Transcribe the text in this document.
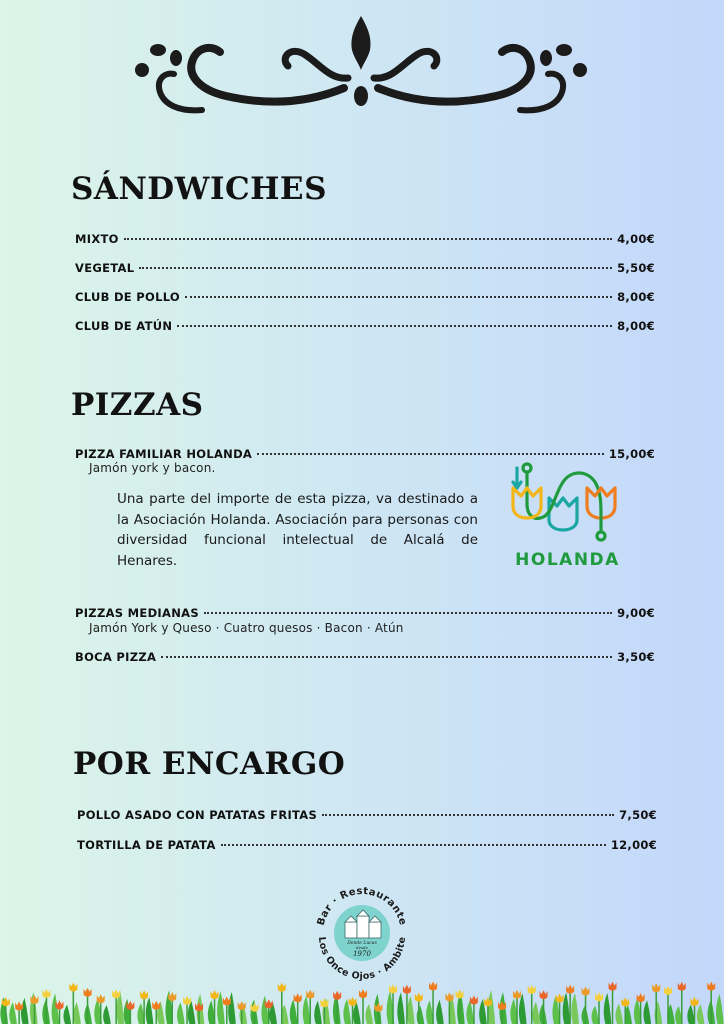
SÁNDWICHES
MIXTO	4,00€
VEGETAL	5,50€
CLUB DE POLLO	8,00€
CLUB DE ATÚN	8,00€
PIZZAS
PIZZA FAMILIAR HOLANDA	15,00€
Jamón york y bacon.

Una parte del importe de esta pizza, va destinado a la Asociación Holanda. Asociación para personas con diversidad funcional intelectual de Alcalá de Henares.	HOLANDA
PIZZAS MEDIANAS	9,00€
Jamón York y Queso · Cuatro quesos · Bacon · Atún
BOCA PIZZA	3,50€
POR ENCARGO
POLLO ASADO CON PATATAS FRITAS	7,50€
TORTILLA DE PATATA	12,00€
Bar · Restaurante
Los Once Ojos · Ambite
Donde Lucas
desde
1970
